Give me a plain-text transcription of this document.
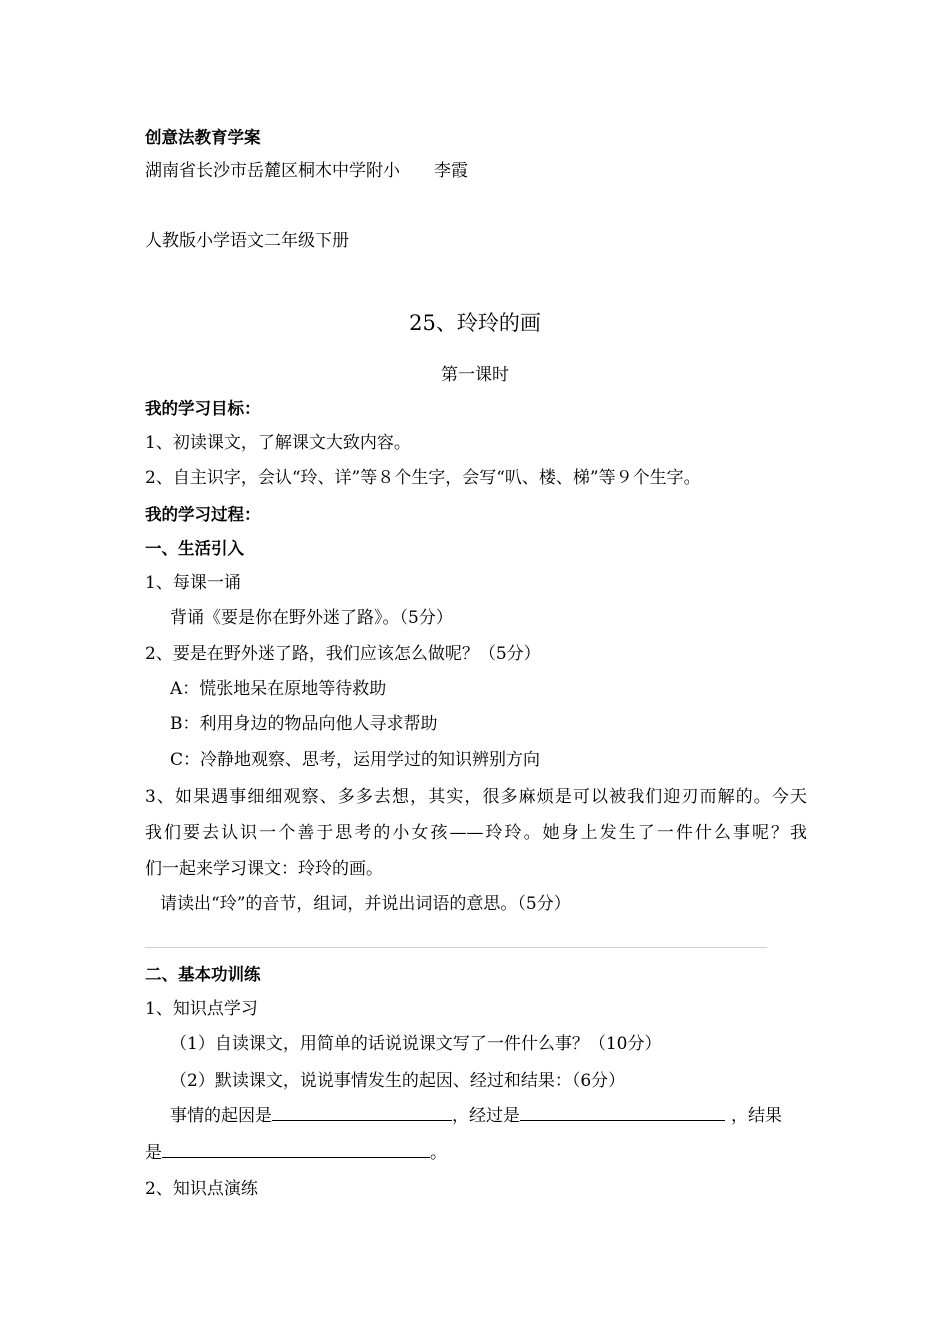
创意法教育学案
湖南省长沙市岳麓区桐木中学附小　　李霞
人教版小学语文二年级下册
25、玲玲的画
第一课时
我的学习目标：
1、初读课文，了解课文大致内容。
2、自主识字，会认“玲、详”等８个生字，会写“叭、楼、梯”等９个生字。
我的学习过程：
一、生活引入
1、每课一诵
背诵《要是你在野外迷了路》。（5分）
2、要是在野外迷了路，我们应该怎么做呢？（5分）
A：慌张地呆在原地等待救助
B：利用身边的物品向他人寻求帮助
C：冷静地观察、思考，运用学过的知识辨别方向
3、如果遇事细细观察、多多去想，其实，很多麻烦是可以被我们迎刃而解的。今天
我们要去认识一个善于思考的小女孩——玲玲。她身上发生了一件什么事呢？我
们一起来学习课文：玲玲的画。
请读出“玲”的音节，组词，并说出词语的意思。（5分）
二、基本功训练
1、知识点学习
（1）自读课文，用简单的话说说课文写了一件什么事？（10分）
（2）默读课文，说说事情发生的起因、经过和结果：（6分）
事情的起因是	，经过是	，结果
是	。
2、知识点演练
